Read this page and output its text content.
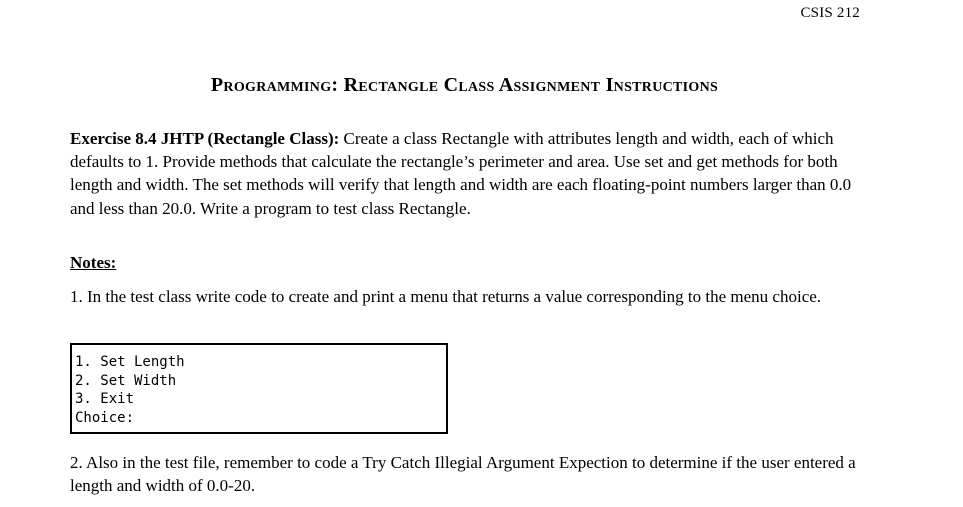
CSIS 212
Programming: Rectangle Class Assignment Instructions
Exercise 8.4 JHTP (Rectangle Class): Create a class Rectangle with attributes length and width, each of which defaults to 1. Provide methods that calculate the rectangle’s perimeter and area. Use set and get methods for both length and width. The set methods will verify that length and width are each floating-point numbers larger than 0.0 and less than 20.0. Write a program to test class Rectangle.
Notes:
1. In the test class write code to create and print a menu that returns a value corresponding to the menu choice.
1. Set Length
2. Set Width
3. Exit
Choice:
2. Also in the test file, remember to code a Try Catch Illegial Argument Expection to determine if the user entered a length and width of 0.0-20.
